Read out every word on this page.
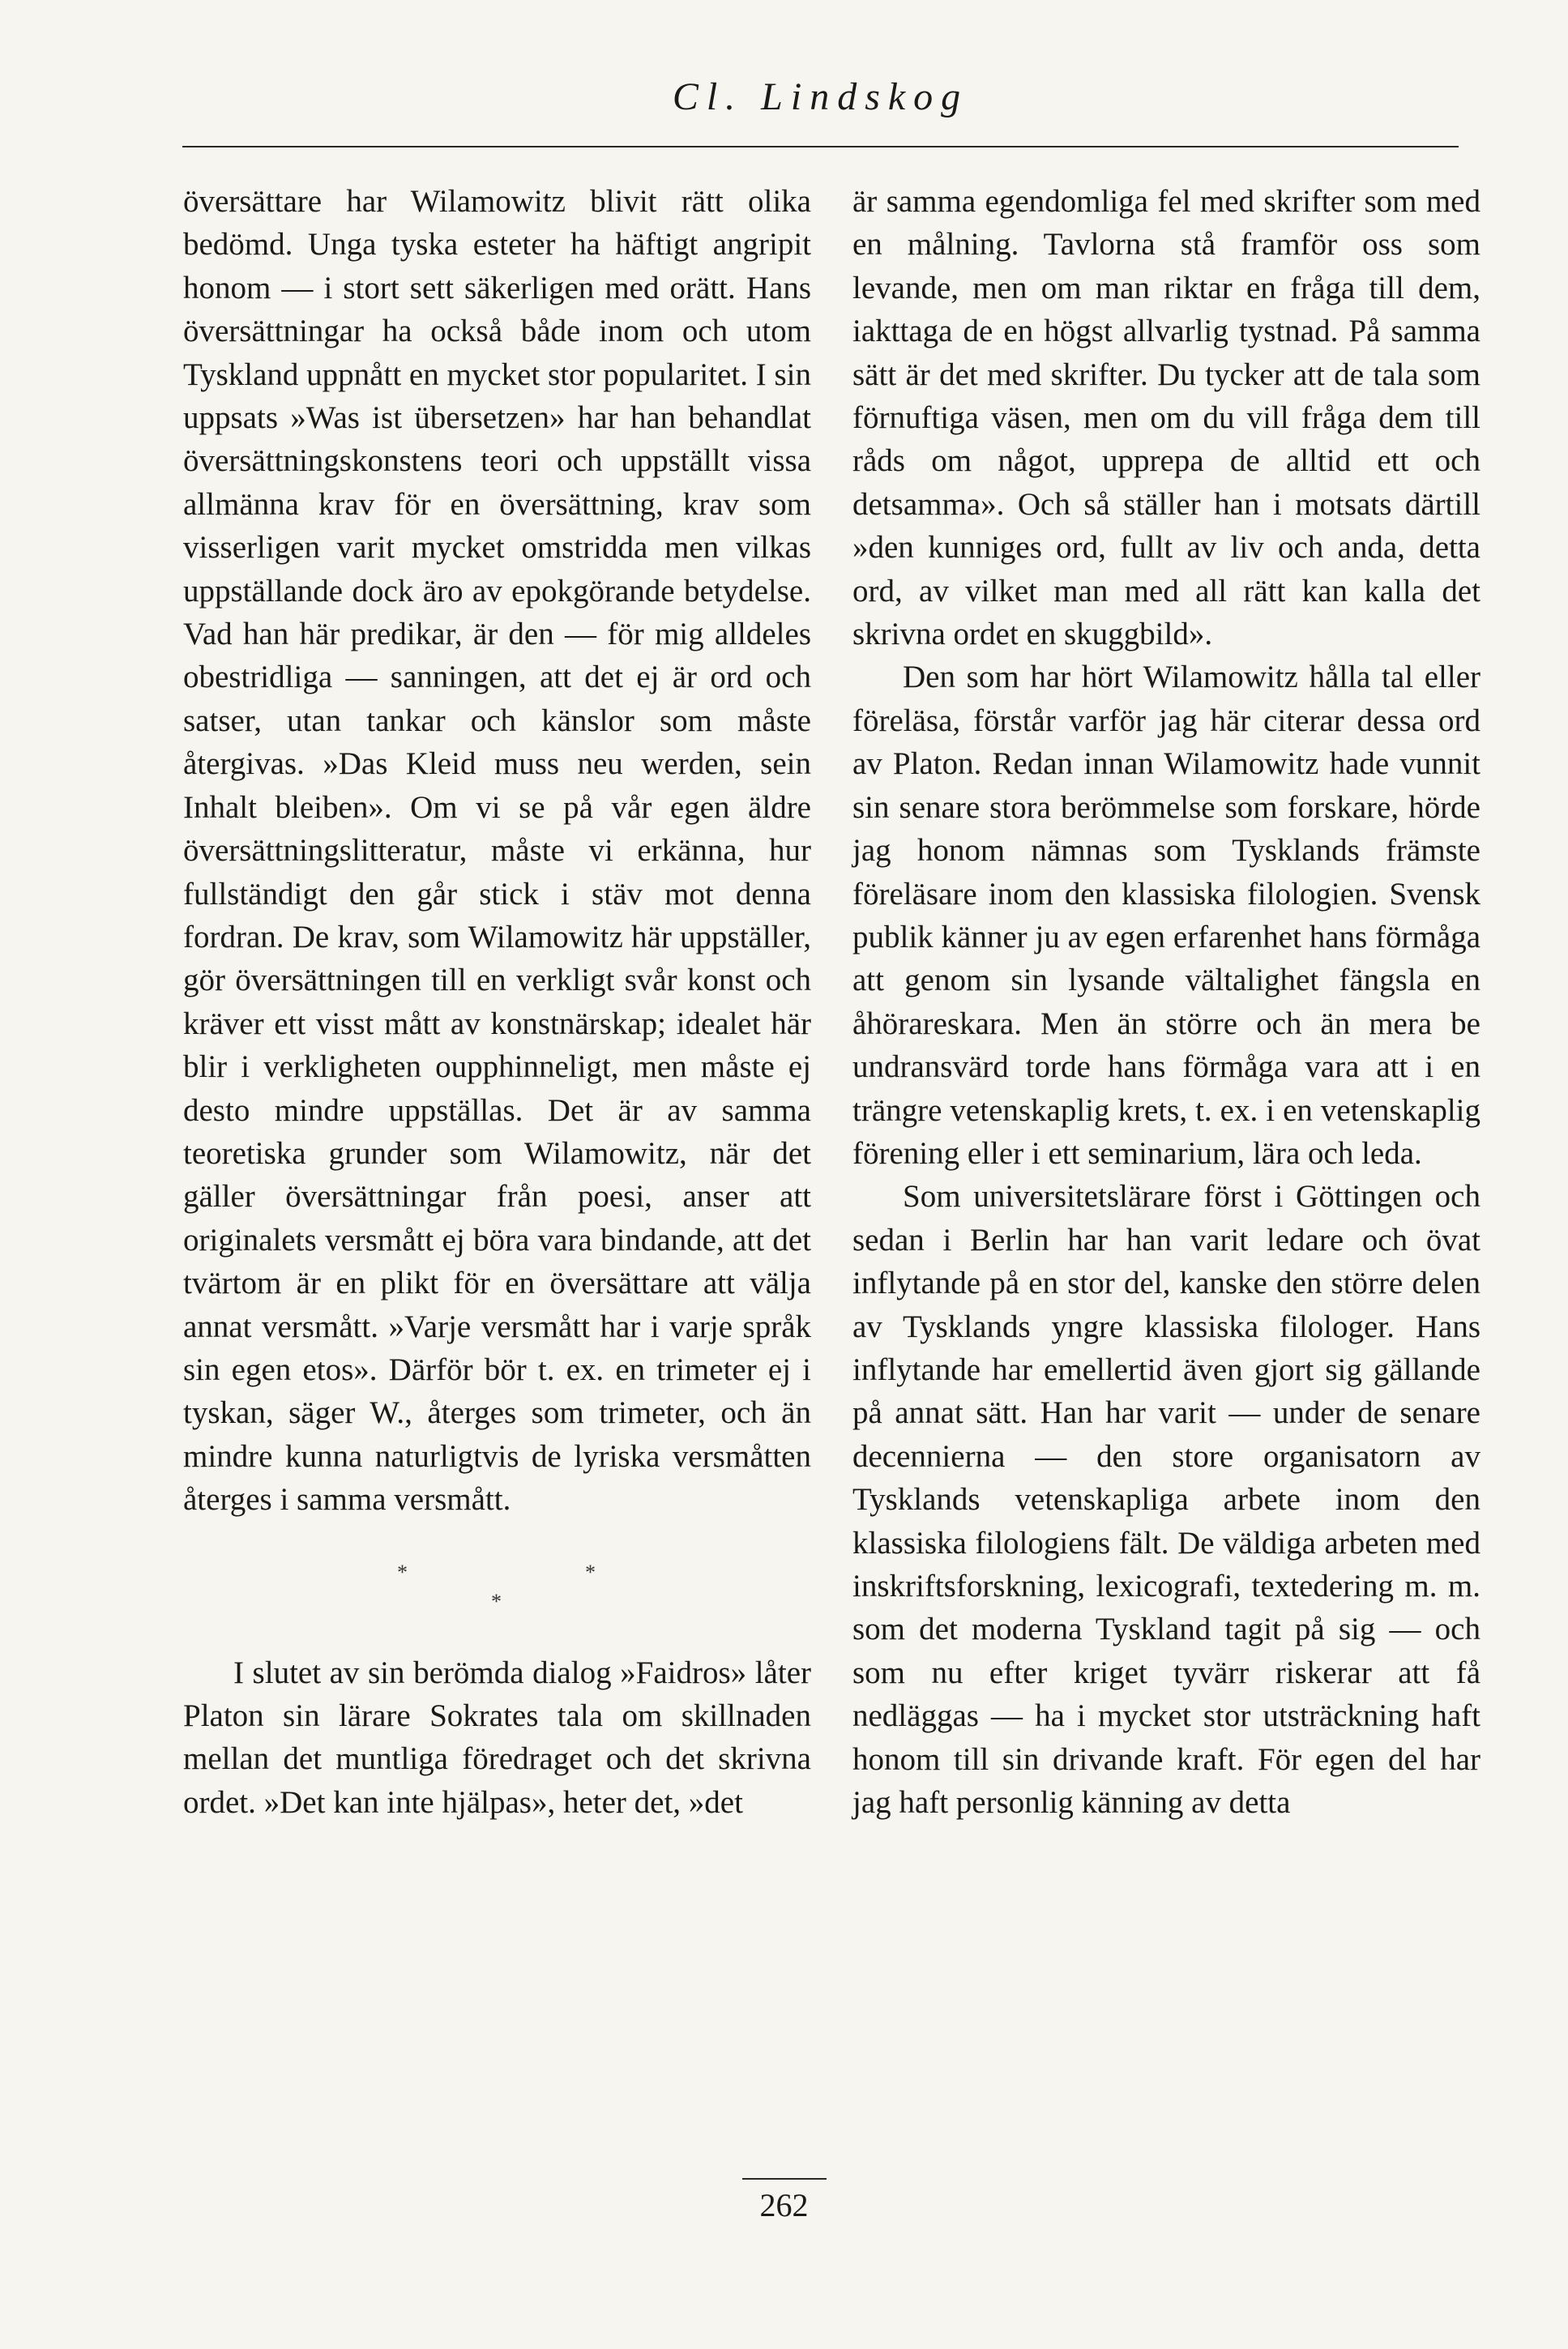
Cl. Lindskog

översättare har Wilamowitz blivit rätt olika bedömd. Unga tyska esteter ha häftigt angripit honom — i stort sett säkerligen med orätt. Hans översättningar ha också både inom och utom Tyskland uppnått en mycket stor popularitet. I sin uppsats »Was ist übersetzen» har han behandlat översättningskonstens teori och uppställt vissa allmänna krav för en översättning, krav som visserligen varit mycket omstridda men vilkas uppställande dock äro av epokgörande betydelse. Vad han här predikar, är den — för mig alldeles obestridliga — sanningen, att det ej är ord och satser, utan tankar och känslor som måste återgivas. »Das Kleid muss neu werden, sein Inhalt bleiben». Om vi se på vår egen äldre översättningslitteratur, måste vi erkänna, hur fullständigt den går stick i stäv mot denna fordran. De krav, som Wilamowitz här uppställer, gör översättningen till en verkligt svår konst och kräver ett visst mått av konstnärskap; idealet här blir i verkligheten oupphinneligt, men måste ej desto mindre uppställas. Det är av samma teoretiska grunder som Wilamowitz, när det gäller översättningar från poesi, anser att originalets versmått ej böra vara bindande, att det tvärtom är en plikt för en översättare att välja annat versmått. »Varje versmått har i varje språk sin egen etos». Därför bör t. ex. en trimeter ej i tyskan, säger W., återges som trimeter, och än mindre kunna naturligtvis de lyriska versmåtten återges i samma versmått.

*
*
*

I slutet av sin berömda dialog »Faidros» låter Platon sin lärare Sokrates tala om skillnaden mellan det muntliga föredraget och det skrivna ordet. »Det kan inte hjälpas», heter det, »det

är samma egendomliga fel med skrifter som med en målning. Tavlorna stå framför oss som levande, men om man riktar en fråga till dem, iakttaga de en högst allvarlig tystnad. På samma sätt är det med skrifter. Du tycker att de tala som förnuftiga väsen, men om du vill fråga dem till råds om något, upprepa de alltid ett och detsamma». Och så ställer han i motsats därtill »den kunniges ord, fullt av liv och anda, detta ord, av vilket man med all rätt kan kalla det skrivna ordet en skuggbild».

Den som har hört Wilamowitz hålla tal eller föreläsa, förstår varför jag här citerar dessa ord av Platon. Redan innan Wilamowitz hade vunnit sin senare stora berömmelse som forskare, hörde jag honom nämnas som Tysklands främste föreläsare inom den klassiska filologien. Svensk publik känner ju av egen erfarenhet hans förmåga att genom sin lysande vältalighet fängsla en åhörareskara. Men än större och än mera be undransvärd torde hans förmåga vara att i en trängre vetenskaplig krets, t. ex. i en vetenskaplig förening eller i ett seminarium, lära och leda.

Som universitetslärare först i Göttingen och sedan i Berlin har han varit ledare och övat inflytande på en stor del, kanske den större delen av Tysklands yngre klassiska filologer. Hans inflytande har emellertid även gjort sig gällande på annat sätt. Han har varit — under de senare decennierna — den store organisatorn av Tysklands vetenskapliga arbete inom den klassiska filologiens fält. De väldiga arbeten med inskriftsforskning, lexicografi, textedering m. m. som det moderna Tyskland tagit på sig — och som nu efter kriget tyvärr riskerar att få nedläggas — ha i mycket stor utsträckning haft honom till sin drivande kraft. För egen del har jag haft personlig känning av detta

262
